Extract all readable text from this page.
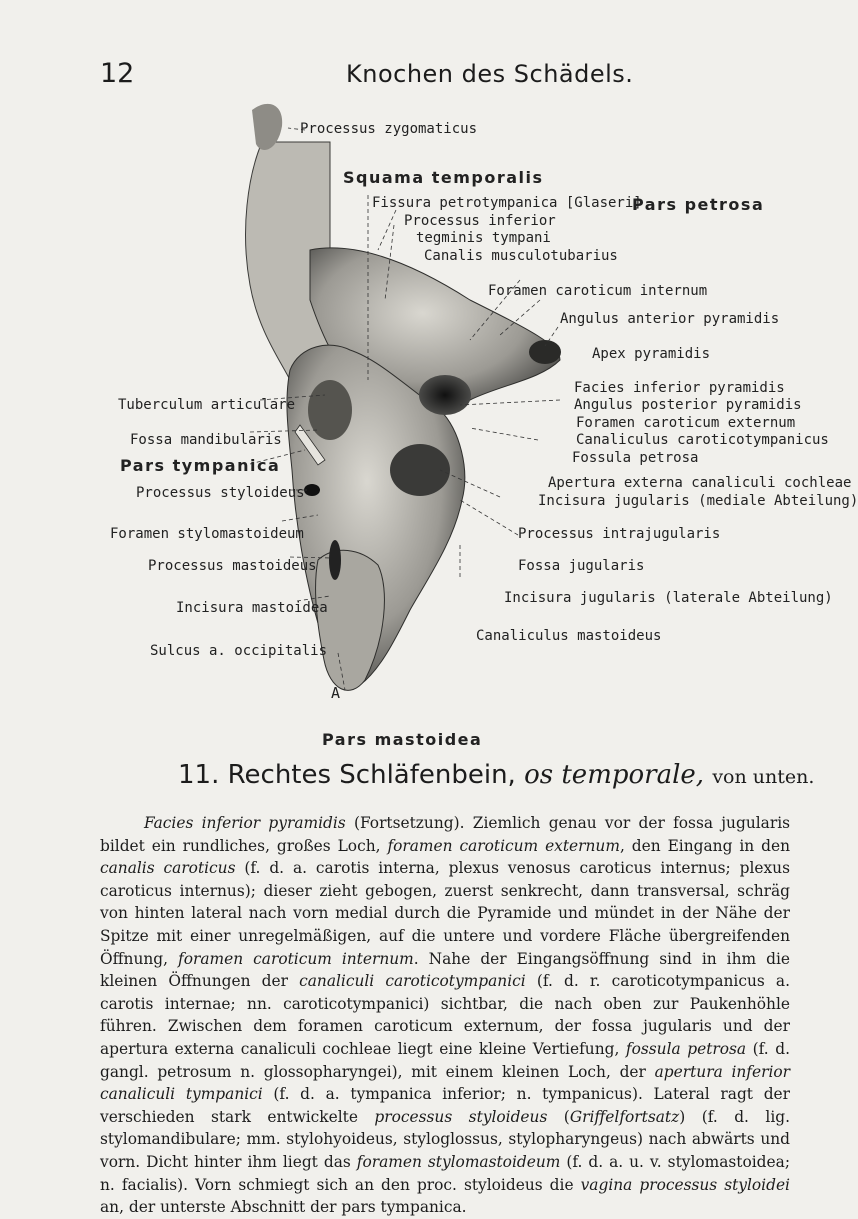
12	Knochen des Schädels.
Processus zygomaticus
Squama temporalis
Fissura petrotympanica [Glaseri]
Pars petrosa
Processus inferior
tegminis tympani
Canalis musculotubarius
Foramen caroticum internum
Angulus anterior pyramidis
Apex pyramidis
Facies inferior pyramidis
Tuberculum articulare	Angulus posterior pyramidis
Foramen caroticum externum
Fossa mandibularis	Canaliculus caroticotympanicus
Pars tympanica	Fossula petrosa
Apertura externa canaliculi cochleae
Processus styloideus	Incisura jugularis (mediale Abteilung)
Foramen stylomastoideum	Processus intrajugularis
Processus mastoideus	Fossa jugularis
Incisura jugularis (laterale Abteilung)
Incisura mastoidea
Canaliculus mastoideus
Sulcus a. occipitalis
A
Pars mastoidea
11. Rechtes Schläfenbein, os temporale, von unten.

Facies inferior pyramidis (Fortsetzung). Ziemlich genau vor der fossa jugularis bildet ein rundliches, großes Loch, foramen caroticum externum, den Eingang in den canalis caroticus (f. d. a. carotis interna, plexus venosus caroticus internus; plexus caroticus internus); dieser zieht gebogen, zuerst senkrecht, dann transversal, schräg von hinten lateral nach vorn medial durch die Pyramide und mündet in der Nähe der Spitze mit einer unregelmäßigen, auf die untere und vordere Fläche übergreifenden Öffnung, foramen caroticum internum. Nahe der Eingangsöffnung sind in ihm die kleinen Öffnungen der canaliculi caroticotympanici (f. d. r. caroticotympanicus a. carotis internae; nn. caroticotympanici) sichtbar, die nach oben zur Paukenhöhle führen. Zwischen dem foramen caroticum externum, der fossa jugularis und der apertura externa canaliculi cochleae liegt eine kleine Vertiefung, fossula petrosa (f. d. gangl. petrosum n. glossopharyngei), mit einem kleinen Loch, der apertura inferior canaliculi tympanici (f. d. a. tympanica inferior; n. tympanicus). Lateral ragt der verschieden stark entwickelte processus styloideus (Griffelfortsatz) (f. d. lig. stylomandibulare; mm. stylohyoideus, styloglossus, stylopharyngeus) nach abwärts und vorn. Dicht hinter ihm liegt das foramen stylomastoideum (f. d. a. u. v. stylomastoidea; n. facialis). Vorn schmiegt sich an den proc. styloideus die vagina processus styloidei an, der unterste Abschnitt der pars tympanica.
